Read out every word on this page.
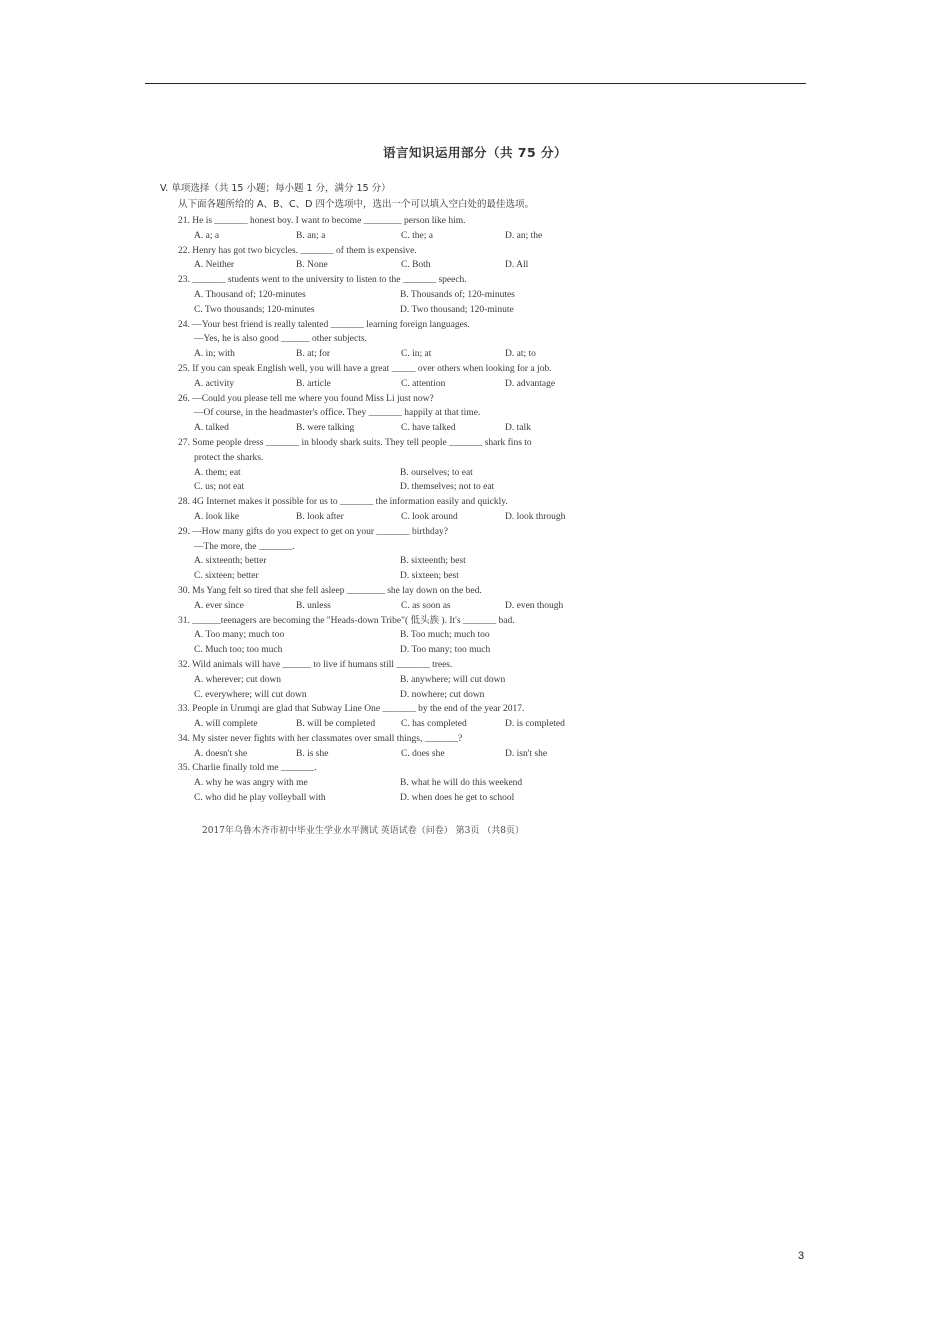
语言知识运用部分（共 75 分）
V. 单项选择（共 15 小题；每小题 1 分，满分 15 分）
从下面各题所给的 A、B、C、D 四个选项中，选出一个可以填入空白处的最佳选项。
21. He is _______ honest boy. I want to become ________ person like him.
A. a; a	B. an; a	C. the; a	D. an; the
22. Henry has got two bicycles. _______ of them is expensive.
A. Neither	B. None	C. Both	D. All
23. _______ students went to the university to listen to the _______ speech.
A. Thousand of; 120-minutes	B. Thousands of; 120-minutes
C. Two thousands; 120-minutes	D. Two thousand; 120-minute
24. —Your best friend is really talented _______ learning foreign languages.
—Yes, he is also good ______ other subjects.
A. in; with	B. at; for	C. in; at	D. at; to
25. If you can speak English well, you will have a great _____ over others when looking for a job.
A. activity	B. article	C. attention	D. advantage
26. —Could you please tell me where you found Miss Li just now?
—Of course, in the headmaster's office. They _______ happily at that time.
A. talked	B. were talking	C. have talked	D. talk
27. Some people dress _______ in bloody shark suits. They tell people _______ shark fins to
protect the sharks.
A. them; eat	B. ourselves; to eat
C. us; not eat	D. themselves; not to eat
28. 4G Internet makes it possible for us to _______ the information easily and quickly.
A. look like	B. look after	C. look around	D. look through
29. —How many gifts do you expect to get on your _______ birthday?
—The more, the _______.
A. sixteenth; better	B. sixteenth; best
C. sixteen; better	D. sixteen; best
30. Ms Yang felt so tired that she fell asleep ________ she lay down on the bed.
A. ever since	B. unless	C. as soon as	D. even though
31. ______teenagers are becoming the "Heads-down Tribe"( 低头族 ). It's _______ bad.
A. Too many; much too	B. Too much; much too
C. Much too; too much	D. Too many; too much
32. Wild animals will have ______ to live if humans still _______ trees.
A. wherever; cut down	B. anywhere; will cut down
C. everywhere; will cut down	D. nowhere; cut down
33. People in Urumqi are glad that Subway Line One _______ by the end of the year 2017.
A. will complete	B. will be completed	C. has completed	D. is completed
34. My sister never fights with her classmates over small things, _______?
A. doesn't she	B. is she	C. does she	D. isn't she
35. Charlie finally told me _______.
A. why he was angry with me	B. what he will do this weekend
C. who did he play volleyball with	D. when does he get to school
2017年乌鲁木齐市初中毕业生学业水平测试 英语试卷（问卷） 第3页 （共8页）
3
